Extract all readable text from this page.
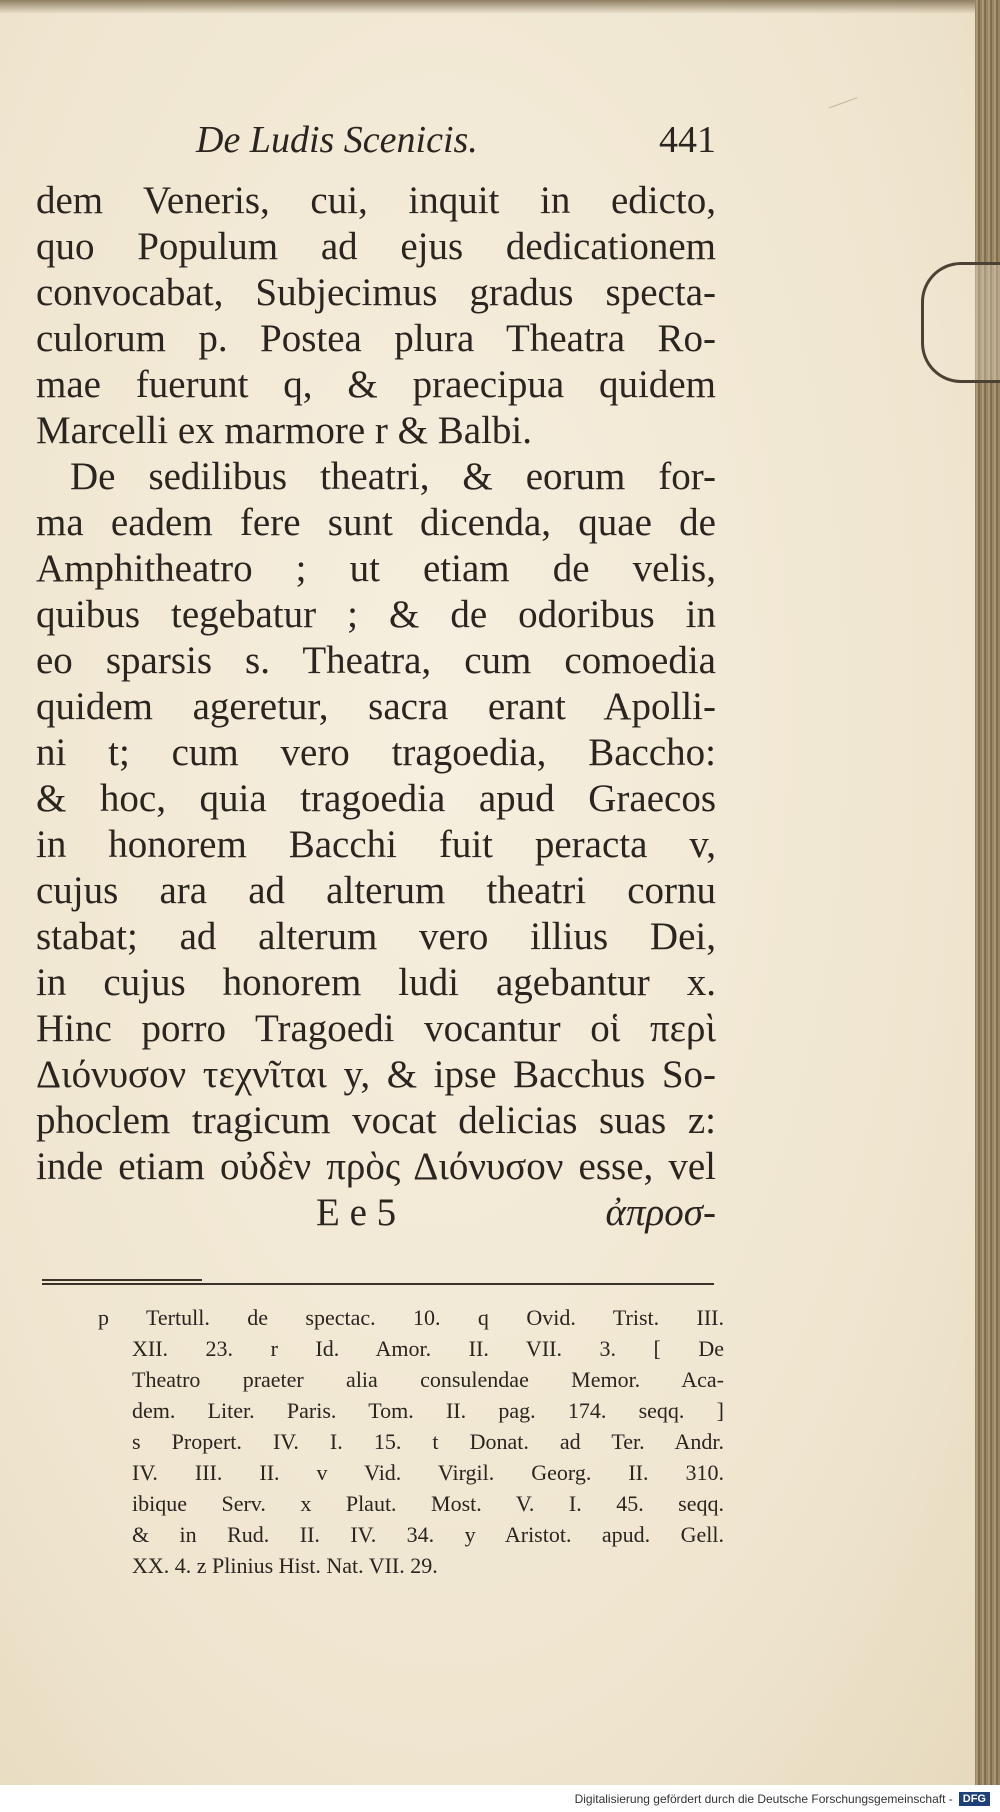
De Ludis Scenicis.	441
dem Veneris, cui, inquit in edicto,
quo Populum ad ejus dedicationem
convocabat, Subjecimus gradus specta-
culorum p. Postea plura Theatra Ro-
mae fuerunt q, & praecipua quidem
Marcelli ex marmore r & Balbi.
De sedilibus theatri, & eorum for-
ma eadem fere sunt dicenda, quae de
Amphitheatro ; ut etiam de velis,
quibus tegebatur ; & de odoribus in
eo sparsis s. Theatra, cum comoedia
quidem ageretur, sacra erant Apolli-
ni t; cum vero tragoedia, Baccho:
& hoc, quia tragoedia apud Graecos
in honorem Bacchi fuit peracta v,
cujus ara ad alterum theatri cornu
stabat; ad alterum vero illius Dei,
in cujus honorem ludi agebantur x.
Hinc porro Tragoedi vocantur οἱ περὶ
Διόνυσον τεχνῖται y, & ipse Bacchus So-
phoclem tragicum vocat delicias suas z:
inde etiam οὐδὲν πρὸς Διόνυσον esse, vel
E e 5	ἀπροσ-
p Tertull. de spectac. 10. q Ovid. Trist. III.
XII. 23. r Id. Amor. II. VII. 3. [ De
Theatro praeter alia consulendae Memor. Aca-
dem. Liter. Paris. Tom. II. pag. 174. seqq. ]
s Propert. IV. I. 15. t Donat. ad Ter. Andr.
IV. III. II. v Vid. Virgil. Georg. II. 310.
ibique Serv. x Plaut. Most. V. I. 45. seqq.
& in Rud. II. IV. 34. y Aristot. apud. Gell.
XX. 4. z Plinius Hist. Nat. VII. 29.
Digitalisierung gefördert durch die Deutsche Forschungsgemeinschaft - DFG
